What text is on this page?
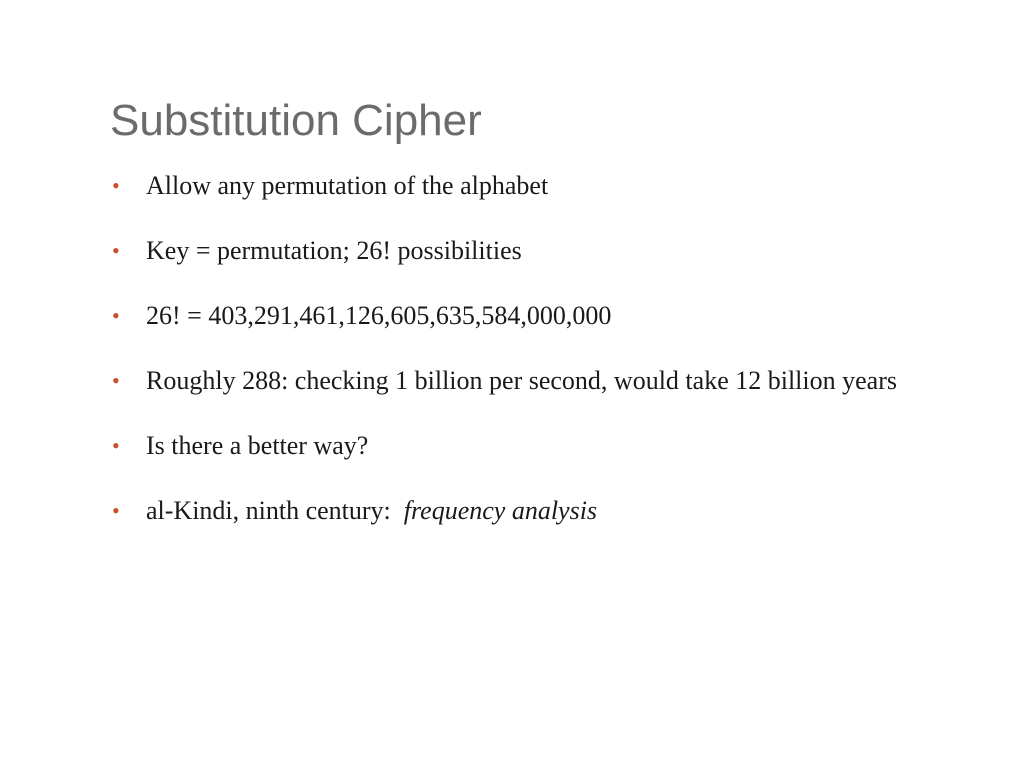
Substitution Cipher
• Allow any permutation of the alphabet
• Key = permutation; 26! possibilities
• 26! = 403,291,461,126,605,635,584,000,000
• Roughly 288: checking 1 billion per second, would take 12 billion years
• Is there a better way?
• al-Kindi, ninth century:  frequency analysis
